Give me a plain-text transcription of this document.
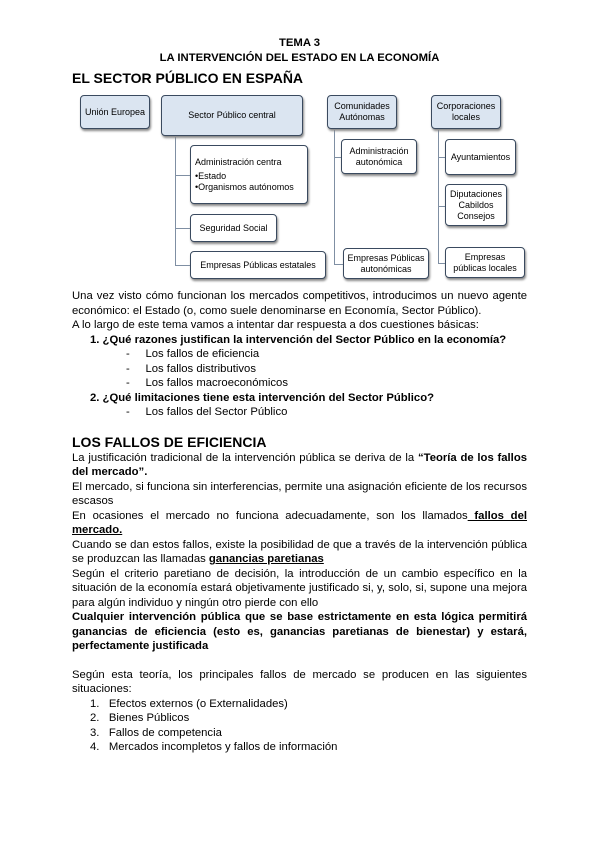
TEMA 3
LA INTERVENCIÓN DEL ESTADO EN LA ECONOMÍA
EL SECTOR PÚBLICO EN ESPAÑA
Unión Europea	Sector Público central
Comunidades Autónomas
Corporaciones locales
Administración centra
•Estado
•Organismos autónomos
Seguridad Social
Empresas Públicas estatales
Administración autonómica
Empresas Públicas autonómicas
Ayuntamientos
Diputaciones Cabildos Consejos
Empresas públicas locales
Una vez visto cómo funcionan los mercados competitivos, introducimos un nuevo agente económico: el Estado (o, como suele denominarse en Economía, Sector Público).
A lo largo de este tema vamos a intentar dar respuesta a dos cuestiones básicas:
1. ¿Qué razones justifican la intervención del Sector Público en la economía?
-     Los fallos de eficiencia
-     Los fallos distributivos
-     Los fallos macroeconómicos
2. ¿Qué limitaciones tiene esta intervención del Sector Público?
-     Los fallos del Sector Público
LOS FALLOS DE EFICIENCIA
La justificación tradicional de la intervención pública se deriva de la “Teoría de los fallos del mercado”.
El mercado, si funciona sin interferencias, permite una asignación eficiente de los recursos escasos
En ocasiones el mercado no funciona adecuadamente, son los llamados fallos del mercado.
Cuando se dan estos fallos, existe la posibilidad de que a través de la intervención pública se produzcan las llamadas ganancias paretianas
Según el criterio paretiano de decisión, la introducción de un cambio específico en la situación de la economía estará objetivamente justificado si, y, solo, si, supone una mejora para algún individuo y ningún otro pierde con ello
Cualquier intervención pública que se base estrictamente en esta lógica permitirá ganancias de eficiencia (esto es, ganancias paretianas de bienestar) y estará, perfectamente justificada
Según esta teoría, los principales fallos de mercado se producen en las siguientes situaciones:
1.   Efectos externos (o Externalidades)
2.   Bienes Públicos
3.   Fallos de competencia
4.   Mercados incompletos y fallos de información
